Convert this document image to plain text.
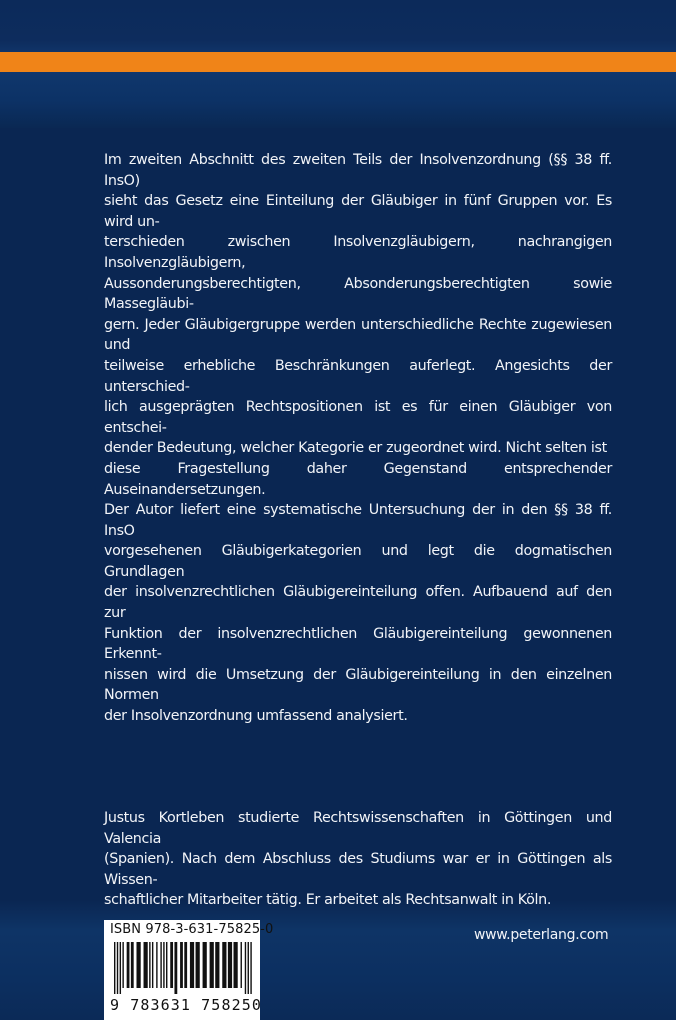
Im zweiten Abschnitt des zweiten Teils der Insolvenzordnung (§§ 38 ff. InsO)
sieht das Gesetz eine Einteilung der Gläubiger in fünf Gruppen vor. Es wird un-
terschieden zwischen Insolvenzgläubigern, nachrangigen Insolvenzgläubigern,
Aussonderungsberechtigten, Absonderungsberechtigten sowie Massegläubi-
gern. Jeder Gläubigergruppe werden unterschiedliche Rechte zugewiesen und
teilweise erhebliche Beschränkungen auferlegt. Angesichts der unterschied-
lich ausgeprägten Rechtspositionen ist es für einen Gläubiger von entschei-
dender Bedeutung, welcher Kategorie er zugeordnet wird. Nicht selten ist
diese Fragestellung daher Gegenstand entsprechender Auseinandersetzungen.
Der Autor liefert eine systematische Untersuchung der in den §§ 38 ff. InsO
vorgesehenen Gläubigerkategorien und legt die dogmatischen Grundlagen
der insolvenzrechtlichen Gläubigereinteilung offen. Aufbauend auf den zur
Funktion der insolvenzrechtlichen Gläubigereinteilung gewonnenen Erkennt-
nissen wird die Umsetzung der Gläubigereinteilung in den einzelnen Normen
der Insolvenzordnung umfassend analysiert.
Justus Kortleben studierte Rechtswissenschaften in Göttingen und Valencia
(Spanien). Nach dem Abschluss des Studiums war er in Göttingen als Wissen-
schaftlicher Mitarbeiter tätig. Er arbeitet als Rechtsanwalt in Köln.
ISBN 978-3-631-75825-0
9 783631 758250
www.peterlang.com
